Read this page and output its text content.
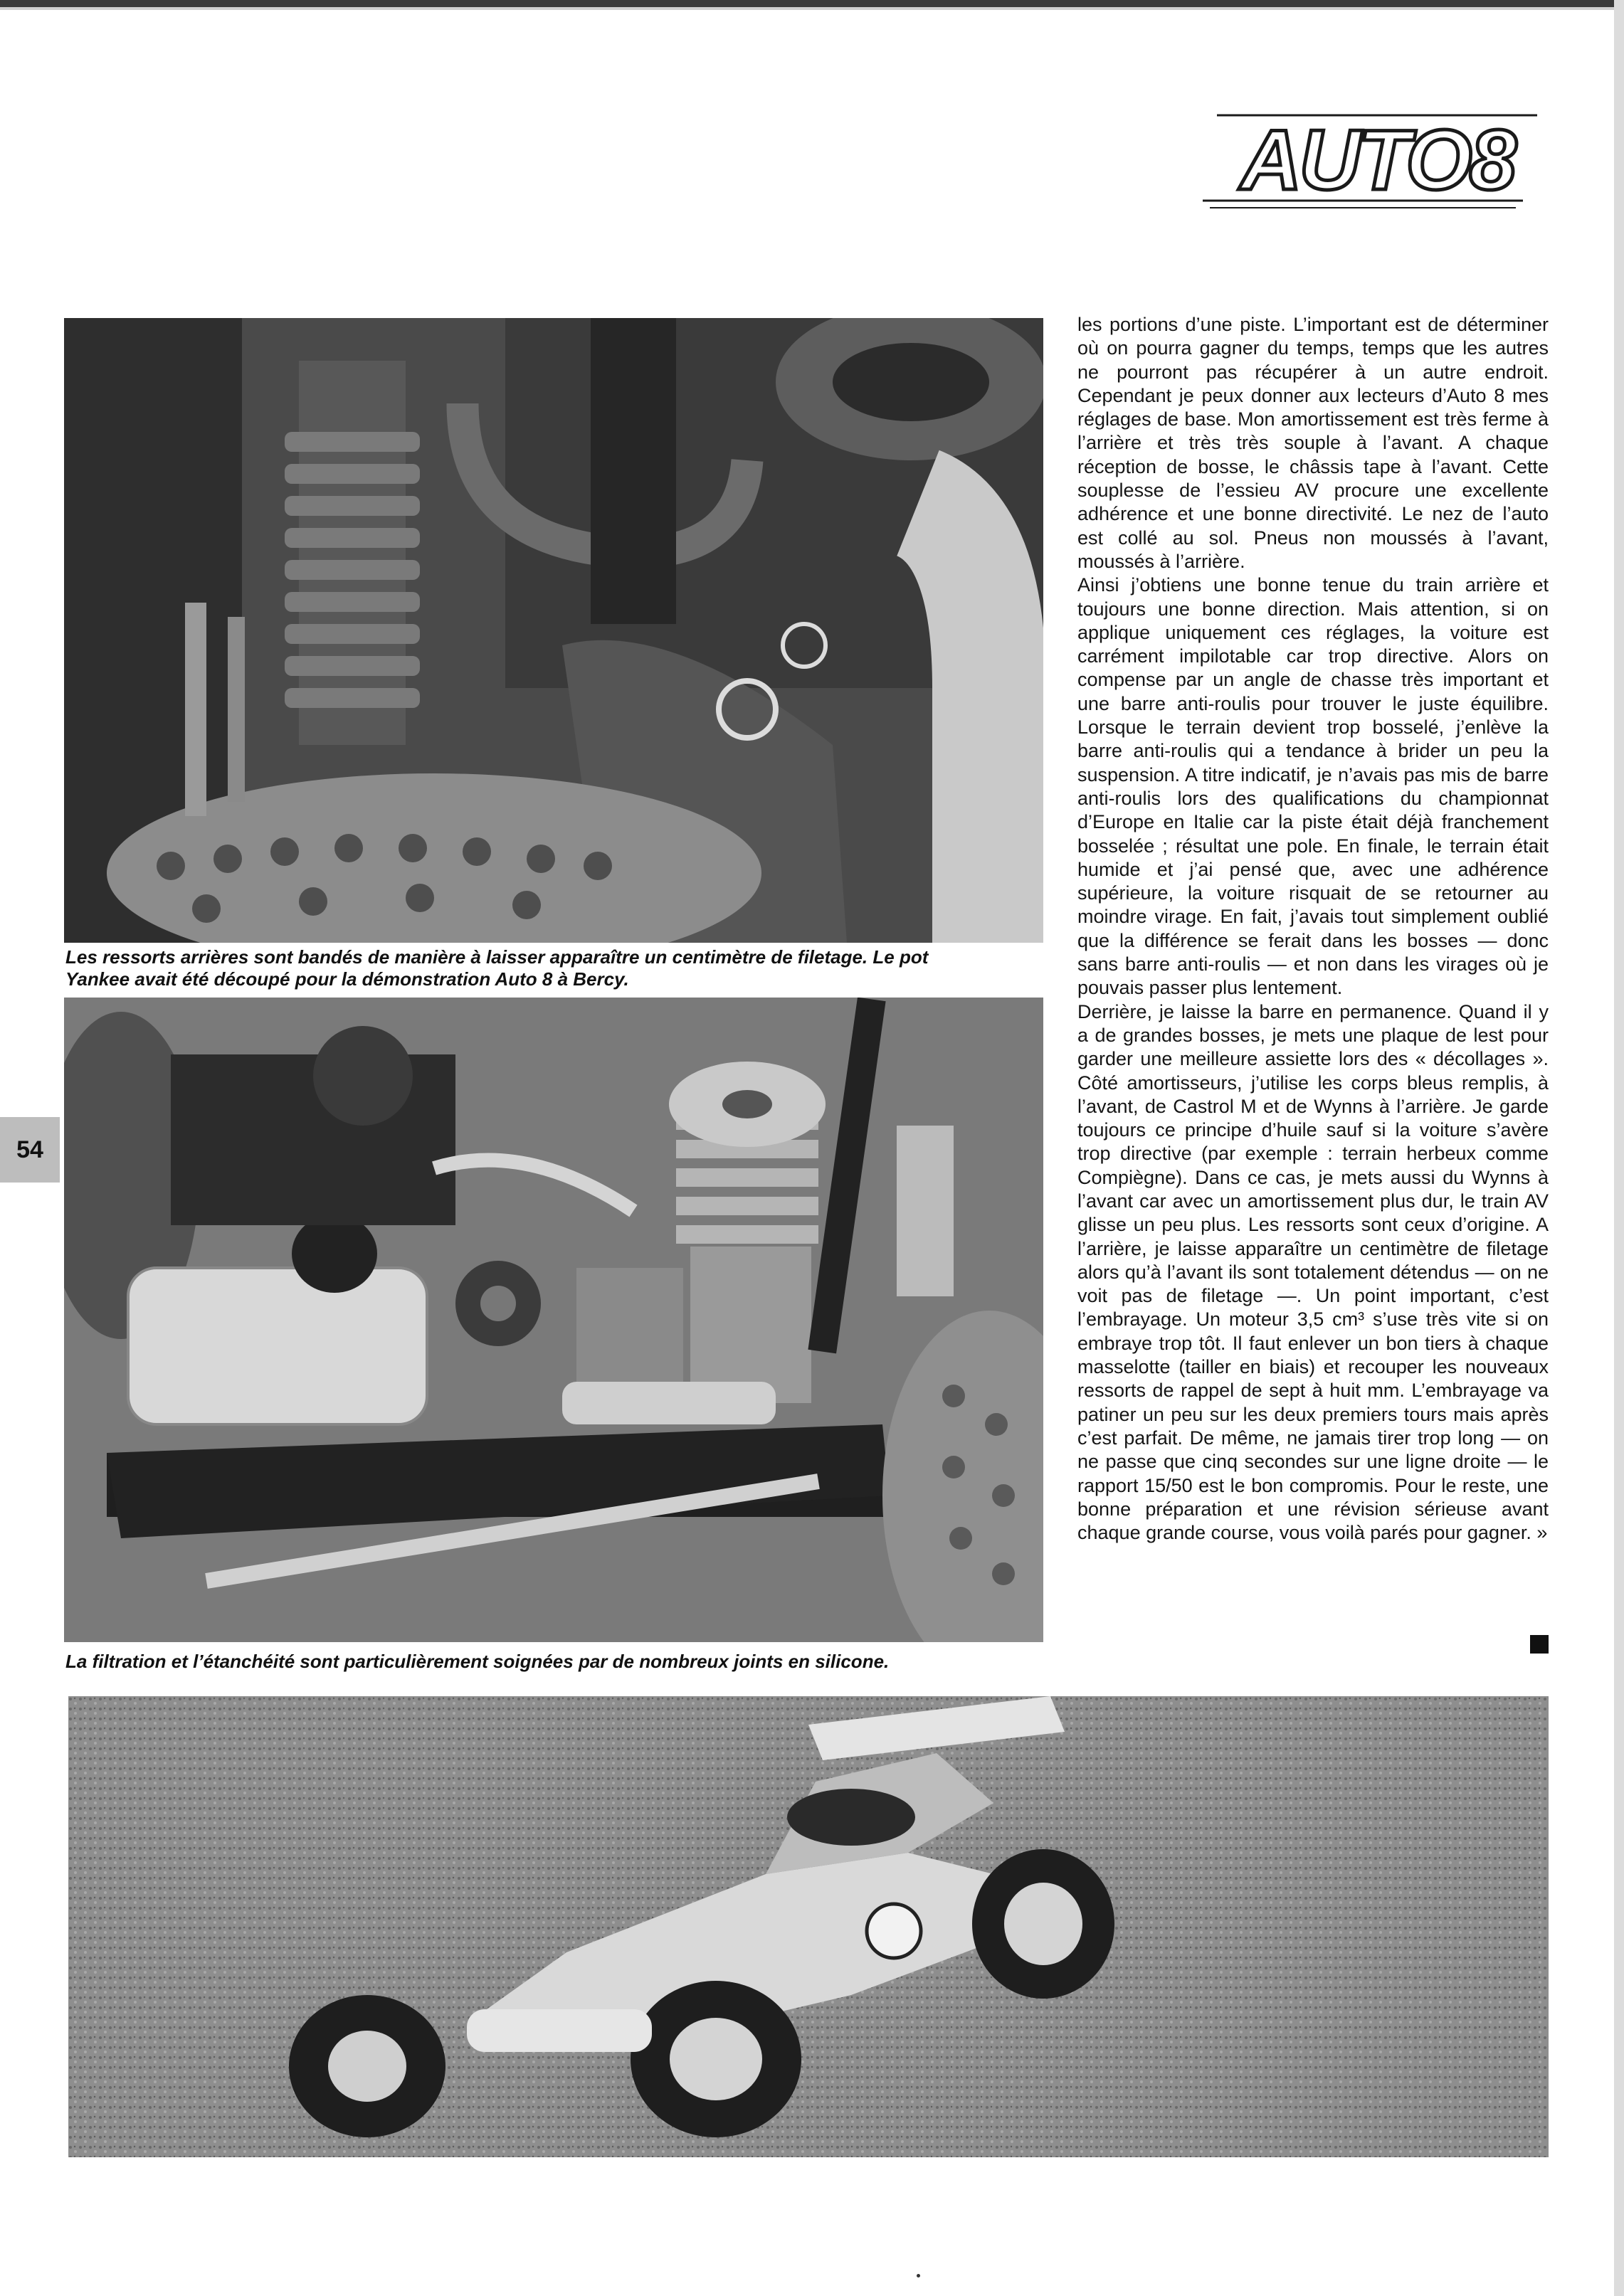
AUTO8
Les ressorts arrières sont bandés de manière à laisser apparaître un centimètre de filetage. Le pot
Yankee avait été découpé pour la démonstration Auto 8 à Bercy.
La filtration et l’étanchéité sont particulièrement soignées par de nombreux joints en silicone.
54

les portions d’une piste. L’important est de déterminer où on pourra gagner du temps, temps que les autres ne pourront pas récupérer à un autre endroit. Cependant je peux donner aux lecteurs d’Auto 8 mes réglages de base. Mon amortissement est très ferme à l’arrière et très très souple à l’avant. A chaque réception de bosse, le châssis tape à l’avant. Cette souplesse de l’essieu AV procure une excellente adhérence et une bonne directivité. Le nez de l’auto est collé au sol. Pneus non moussés à l’avant, moussés à l’arrière.

Ainsi j’obtiens une bonne tenue du train arrière et toujours une bonne direction. Mais attention, si on applique uniquement ces réglages, la voiture est carrément impilotable car trop directive. Alors on compense par un angle de chasse très important et une barre anti-roulis pour trouver le juste équilibre. Lorsque le terrain devient trop bosselé, j’enlève la barre anti-roulis qui a tendance à brider un peu la suspension. A titre indicatif, je n’avais pas mis de barre anti-roulis lors des qualifications du championnat d’Europe en Italie car la piste était déjà franchement bosselée ; résultat une pole. En finale, le terrain était humide et j’ai pensé que, avec une adhérence supérieure, la voiture risquait de se retourner au moindre virage. En fait, j’avais tout simplement oublié que la différence se ferait dans les bosses — donc sans barre anti-roulis — et non dans les virages où je pouvais passer plus lentement.

Derrière, je laisse la barre en permanence. Quand il y a de grandes bosses, je mets une plaque de lest pour garder une meilleure assiette lors des « décollages ». Côté amortisseurs, j’utilise les corps bleus remplis, à l’avant, de Castrol M et de Wynns à l’arrière. Je garde toujours ce principe d’huile sauf si la voiture s’avère trop directive (par exemple : terrain herbeux comme Compiègne). Dans ce cas, je mets aussi du Wynns à l’avant car avec un amortissement plus dur, le train AV glisse un peu plus. Les ressorts sont ceux d’origine. A l’arrière, je laisse apparaître un centimètre de filetage alors qu’à l’avant ils sont totalement détendus — on ne voit pas de filetage —. Un point important, c’est l’embrayage. Un moteur 3,5 cm³ s’use très vite si on embraye trop tôt. Il faut enlever un bon tiers à chaque masselotte (tailler en biais) et recouper les nouveaux ressorts de rappel de sept à huit mm. L’embrayage va patiner un peu sur les deux premiers tours mais après c’est parfait. De même, ne jamais tirer trop long — on ne passe que cinq secondes sur une ligne droite — le rapport 15/50 est le bon compromis. Pour le reste, une bonne préparation et une révision sérieuse avant chaque grande course, vous voilà parés pour gagner. »
